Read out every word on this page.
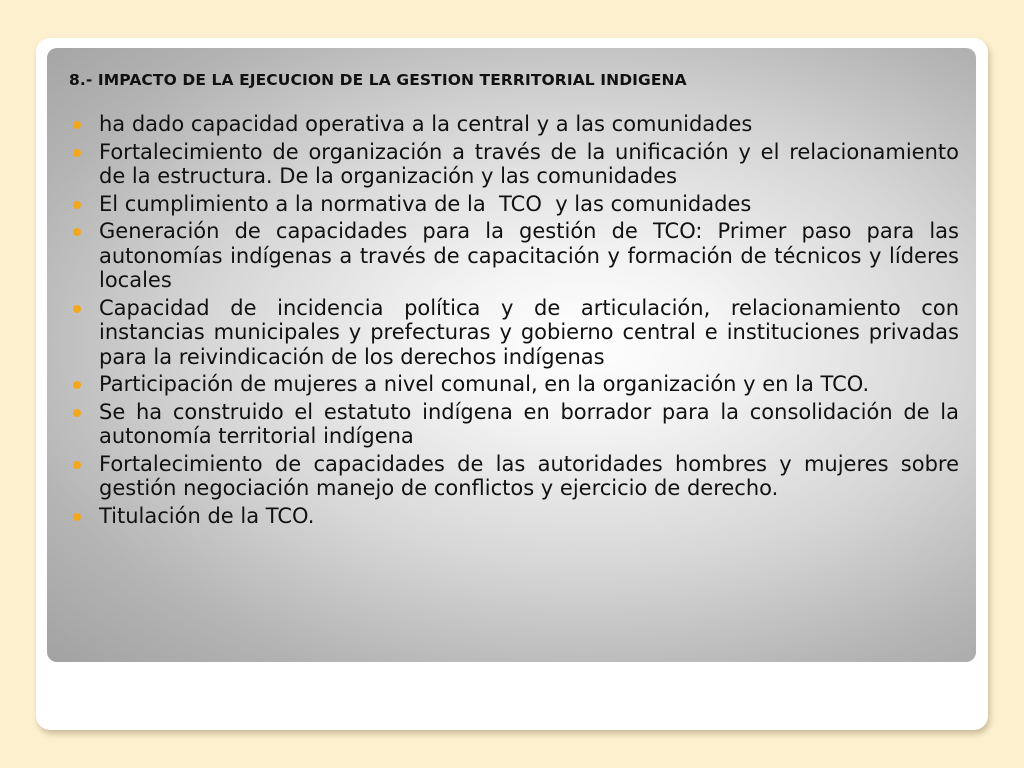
8.- IMPACTO DE LA EJECUCION DE LA GESTION TERRITORIAL INDIGENA
ha dado capacidad operativa a la central y a las comunidades
Fortalecimiento de organización a través de la unificación y el relacionamiento de la estructura. De la organización y las comunidades
El cumplimiento a la normativa de la  TCO  y las comunidades
Generación de capacidades para la gestión de TCO: Primer paso para las autonomías indígenas a través de capacitación y formación de técnicos y líderes locales
Capacidad de incidencia política y de articulación, relacionamiento con instancias municipales y prefecturas y gobierno central e instituciones privadas para la reivindicación de los derechos indígenas
Participación de mujeres a nivel comunal, en la organización y en la TCO.
Se ha construido el estatuto indígena en borrador para la consolidación de la autonomía territorial indígena
Fortalecimiento de capacidades de las autoridades hombres y mujeres sobre gestión negociación manejo de conflictos y ejercicio de derecho.
Titulación de la TCO.
